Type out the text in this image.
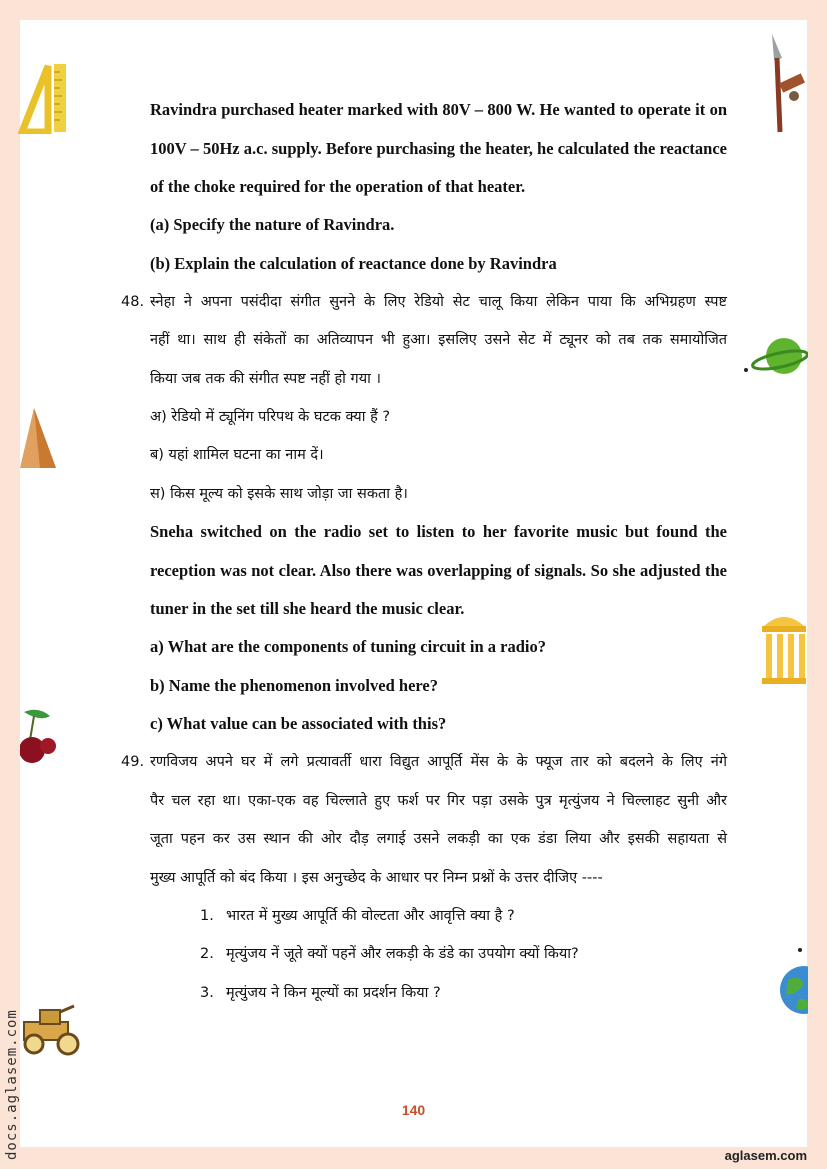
Ravindra purchased heater marked with 80V – 800 W. He wanted to operate it on
100V – 50Hz a.c. supply. Before purchasing the heater, he calculated the reactance
of the choke required for the operation of that heater.
(a) Specify the nature of Ravindra.
(b) Explain the calculation of reactance done by Ravindra
48. स्नेहा ने अपना पसंदीदा संगीत सुनने के लिए रेडियो सेट चालू किया लेकिन पाया कि अभिग्रहण स्पष्ट
नहीं था। साथ ही संकेतों का अतिव्यापन भी हुआ। इसलिए उसने सेट में ट्यूनर को तब तक समायोजित
किया जब तक की संगीत स्पष्ट नहीं हो गया ।
अ) रेडियो में ट्यूनिंग परिपथ के घटक क्या हैं ?
ब) यहां शामिल घटना का नाम दें।
स) किस मूल्य को इसके साथ जोड़ा जा सकता है।
Sneha switched on the radio set to listen to her favorite music but found the
reception was not clear. Also there was overlapping of signals. So she adjusted the
tuner in the set till she heard the music clear.
a) What are the components of tuning circuit in a radio?
b) Name the phenomenon involved here?
c) What value can be associated with this?
49. रणविजय अपने घर में लगे प्रत्यावर्ती धारा विद्युत आपूर्ति मेंस के के फ्यूज तार को बदलने के लिए नंगे
पैर चल रहा था। एका-एक वह चिल्लाते हुए फर्श पर गिर पड़ा उसके पुत्र मृत्युंजय ने चिल्लाहट सुनी और
जूता पहन कर उस स्थान की ओर दौड़ लगाई उसने लकड़ी का एक डंडा लिया और इसकी सहायता से
मुख्य आपूर्ति को बंद किया । इस अनुच्छेद के आधार पर निम्न प्रश्नों के उत्तर दीजिए ----
1. भारत में मुख्य आपूर्ति की वोल्टता और आवृत्ति क्या है ?
2. मृत्युंजय नें जूते क्यों पहनें और लकड़ी के डंडे का उपयोग क्यों किया?
3. मृत्युंजय ने किन मूल्यों का प्रदर्शन किया ?
140
aglasem.com
docs.aglasem.com
